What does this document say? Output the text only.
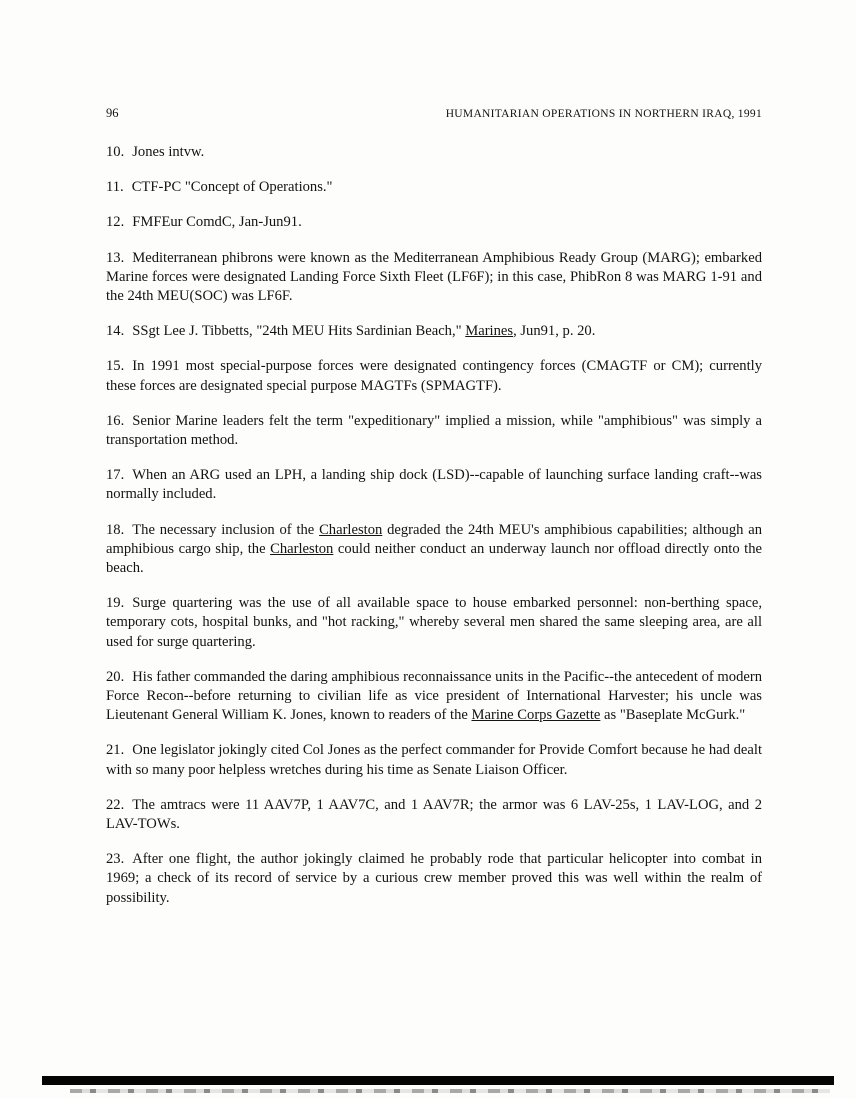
96	HUMANITARIAN OPERATIONS IN NORTHERN IRAQ, 1991

10. Jones intvw.

11. CTF-PC "Concept of Operations."

12. FMFEur ComdC, Jan-Jun91.

13. Mediterranean phibrons were known as the Mediterranean Amphibious Ready Group (MARG); embarked Marine forces were designated Landing Force Sixth Fleet (LF6F); in this case, PhibRon 8 was MARG 1-91 and the 24th MEU(SOC) was LF6F.

14. SSgt Lee J. Tibbetts, "24th MEU Hits Sardinian Beach," Marines, Jun91, p. 20.

15. In 1991 most special-purpose forces were designated contingency forces (CMAGTF or CM); currently these forces are designated special purpose MAGTFs (SPMAGTF).

16. Senior Marine leaders felt the term "expeditionary" implied a mission, while "amphibious" was simply a transportation method.

17. When an ARG used an LPH, a landing ship dock (LSD)--capable of launching surface landing craft--was normally included.

18. The necessary inclusion of the Charleston degraded the 24th MEU's amphibious capabilities; although an amphibious cargo ship, the Charleston could neither conduct an underway launch nor offload directly onto the beach.

19. Surge quartering was the use of all available space to house embarked personnel: non-berthing space, temporary cots, hospital bunks, and "hot racking," whereby several men shared the same sleeping area, are all used for surge quartering.

20. His father commanded the daring amphibious reconnaissance units in the Pacific--the antecedent of modern Force Recon--before returning to civilian life as vice president of International Harvester; his uncle was Lieutenant General William K. Jones, known to readers of the Marine Corps Gazette as "Baseplate McGurk."

21. One legislator jokingly cited Col Jones as the perfect commander for Provide Comfort because he had dealt with so many poor helpless wretches during his time as Senate Liaison Officer.

22. The amtracs were 11 AAV7P, 1 AAV7C, and 1 AAV7R; the armor was 6 LAV-25s, 1 LAV-LOG, and 2 LAV-TOWs.

23. After one flight, the author jokingly claimed he probably rode that particular helicopter into combat in 1969; a check of its record of service by a curious crew member proved this was well within the realm of possibility.
